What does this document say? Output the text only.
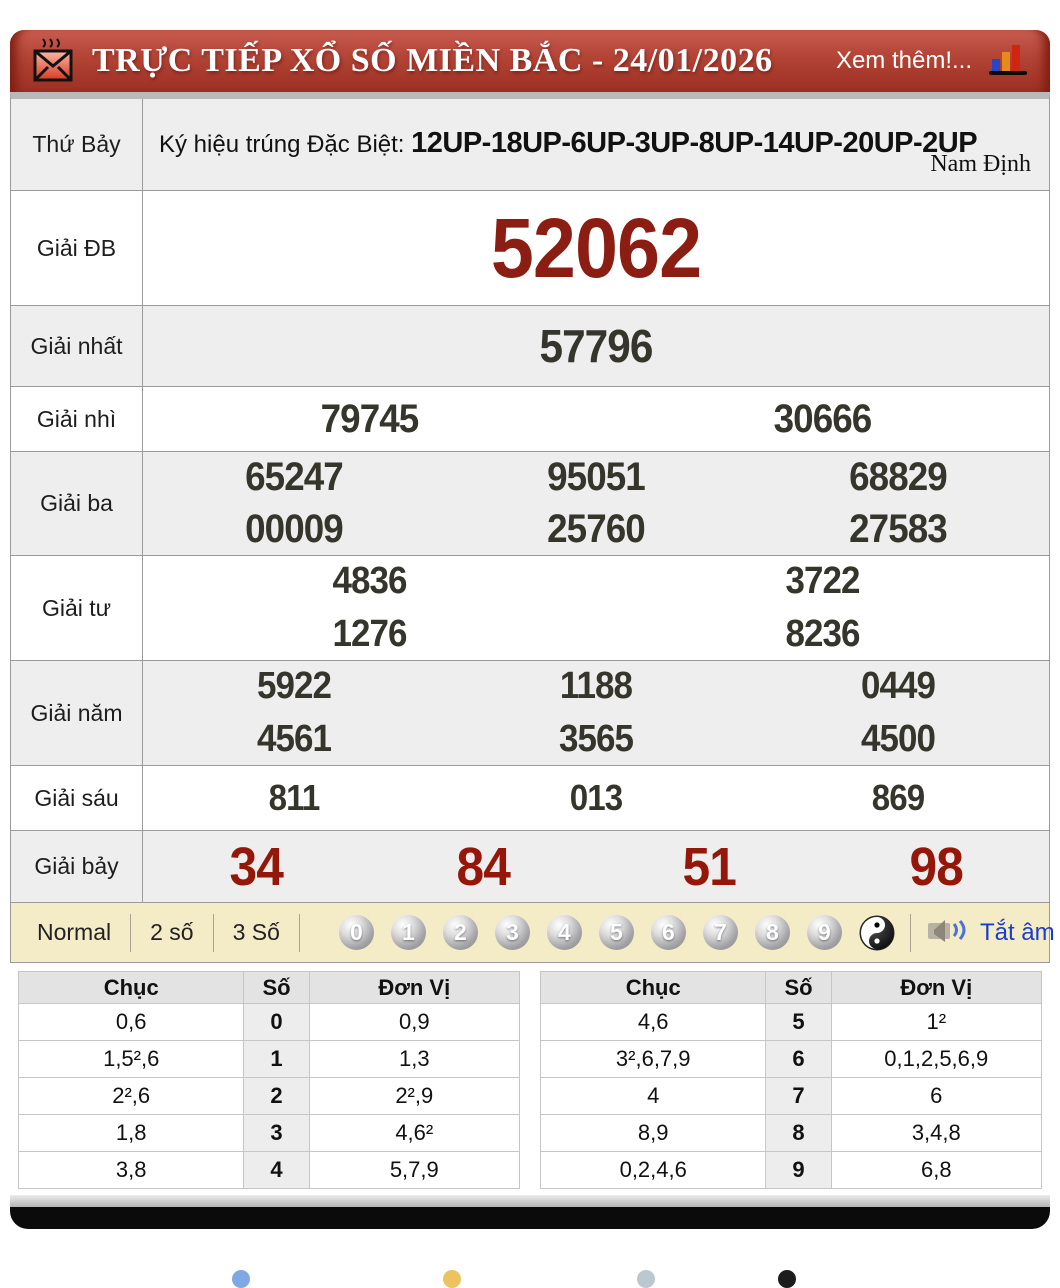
TRỰC TIẾP XỔ SỐ MIỀN BẮC - 24/01/2026	Xem thêm!...
Thứ Bảy	Ký hiệu trúng Đặc Biệt: 12UP-18UP-6UP-3UP-8UP-14UP-20UP-2UP
Nam Định
Giải ĐB	52062
Giải nhất	57796
Giải nhì	79745	30666
Giải ba
65247	95051	68829
00009	25760	27583
Giải tư
4836	3722
1276	8236
Giải năm
5922	1188	0449
4561	3565	4500
Giải sáu	811	013	869
Giải bảy	34	84	51	98
Normal 2 số 3 Số	0	1	2	3	4	5	6	7	8	9	Tắt âm
Chục	Số	Đơn Vị
0,6	0	0,9
1,5²,6	1	1,3
2²,6	2	2²,9
1,8	3	4,6²
3,8	4	5,7,9
Chục	Số	Đơn Vị
4,6	5	1²
3²,6,7,9	6	0,1,2,5,6,9
4	7	6
8,9	8	3,4,8
0,2,4,6	9	6,8
